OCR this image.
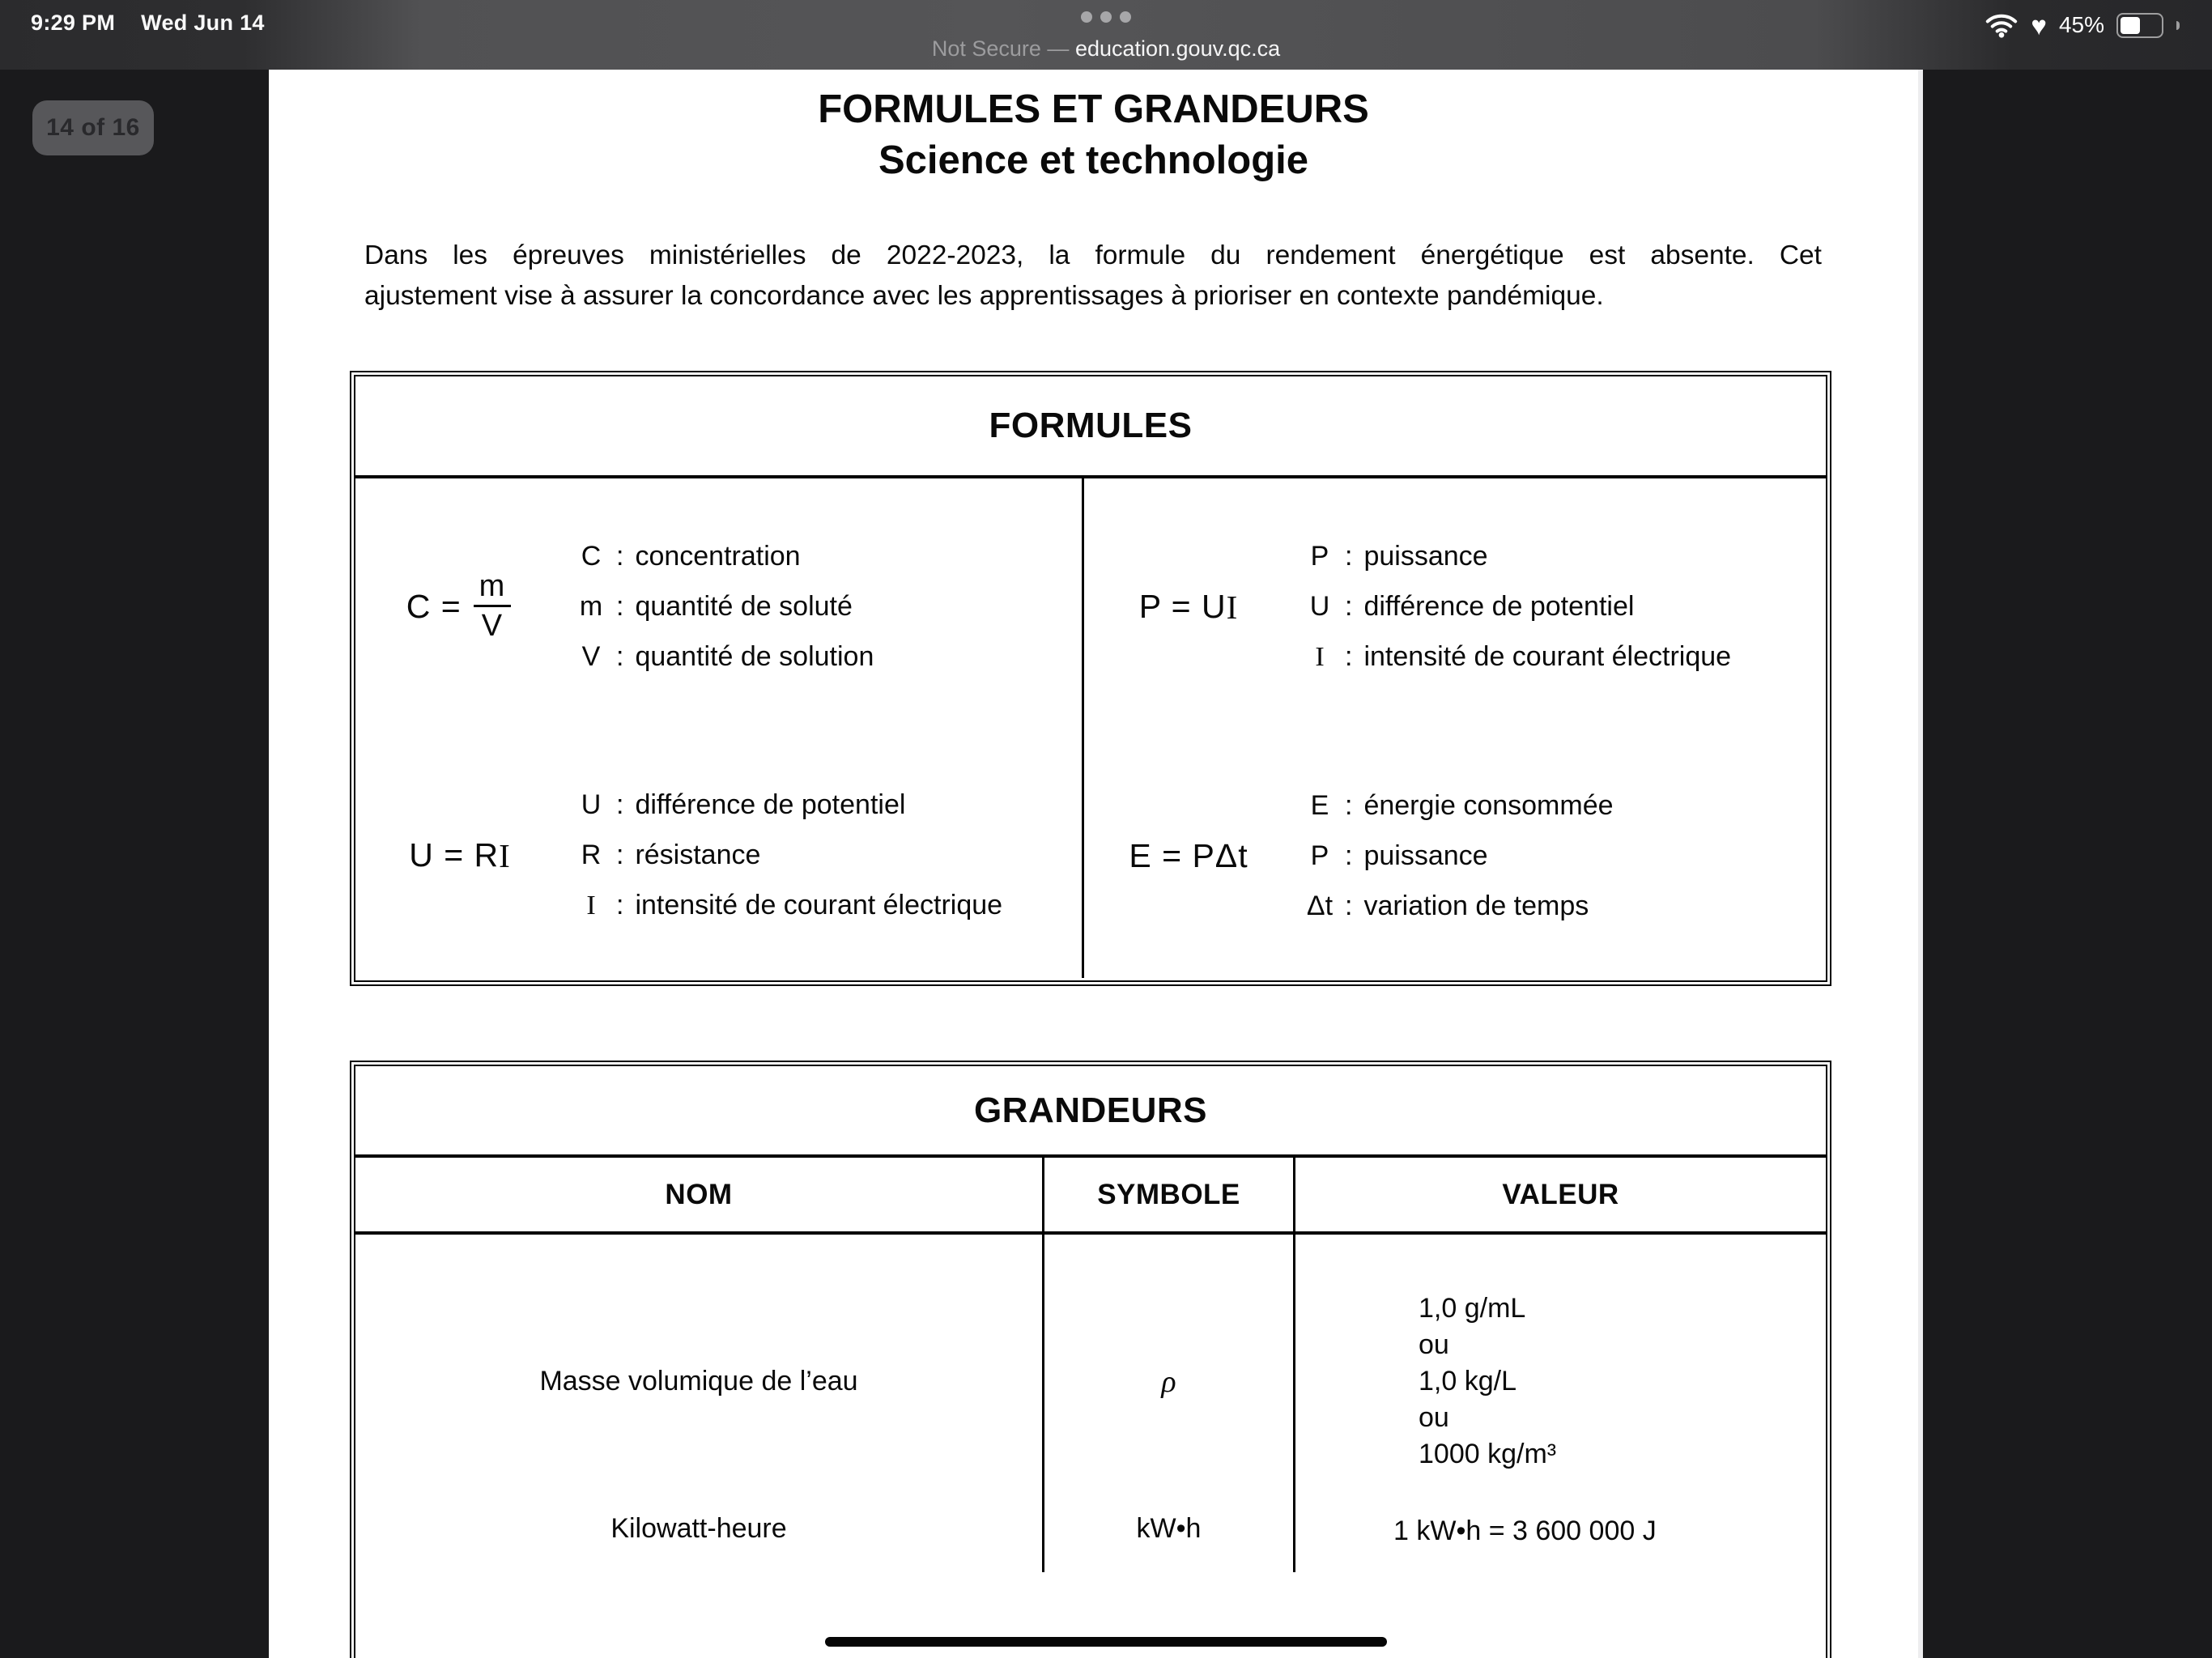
9:29 PM Wed Jun 14
Not Secure — education.gouv.qc.ca
♥ 45%
14 of 16	FORMULES ET GRANDEURS
Science et technologie
Dans les épreuves ministérielles de 2022-2023, la formule du rendement énergétique est absente. Cet
ajustement vise à assurer la concordance avec les apprentissages à prioriser en contexte pandémique.
FORMULES
$C = \frac{m}{V}$
C : concentration
m : quantité de soluté
V : quantité de solution
U = R I
U : différence de potentiel
R : résistance
I : intensité de courant électrique
P = U I
P : puissance
U : différence de potentiel
I : intensité de courant électrique
E = PΔt
E : énergie consommée
P : puissance
Δt : variation de temps
GRANDEURS
NOM	SYMBOLE	VALEUR
Masse volumique de l’eau	ρ
1,0 g/mL
ou
1,0 kg/L
ou
1000 kg/m³
Kilowatt-heure	kW•h	1 kW•h = 3 600 000 J
